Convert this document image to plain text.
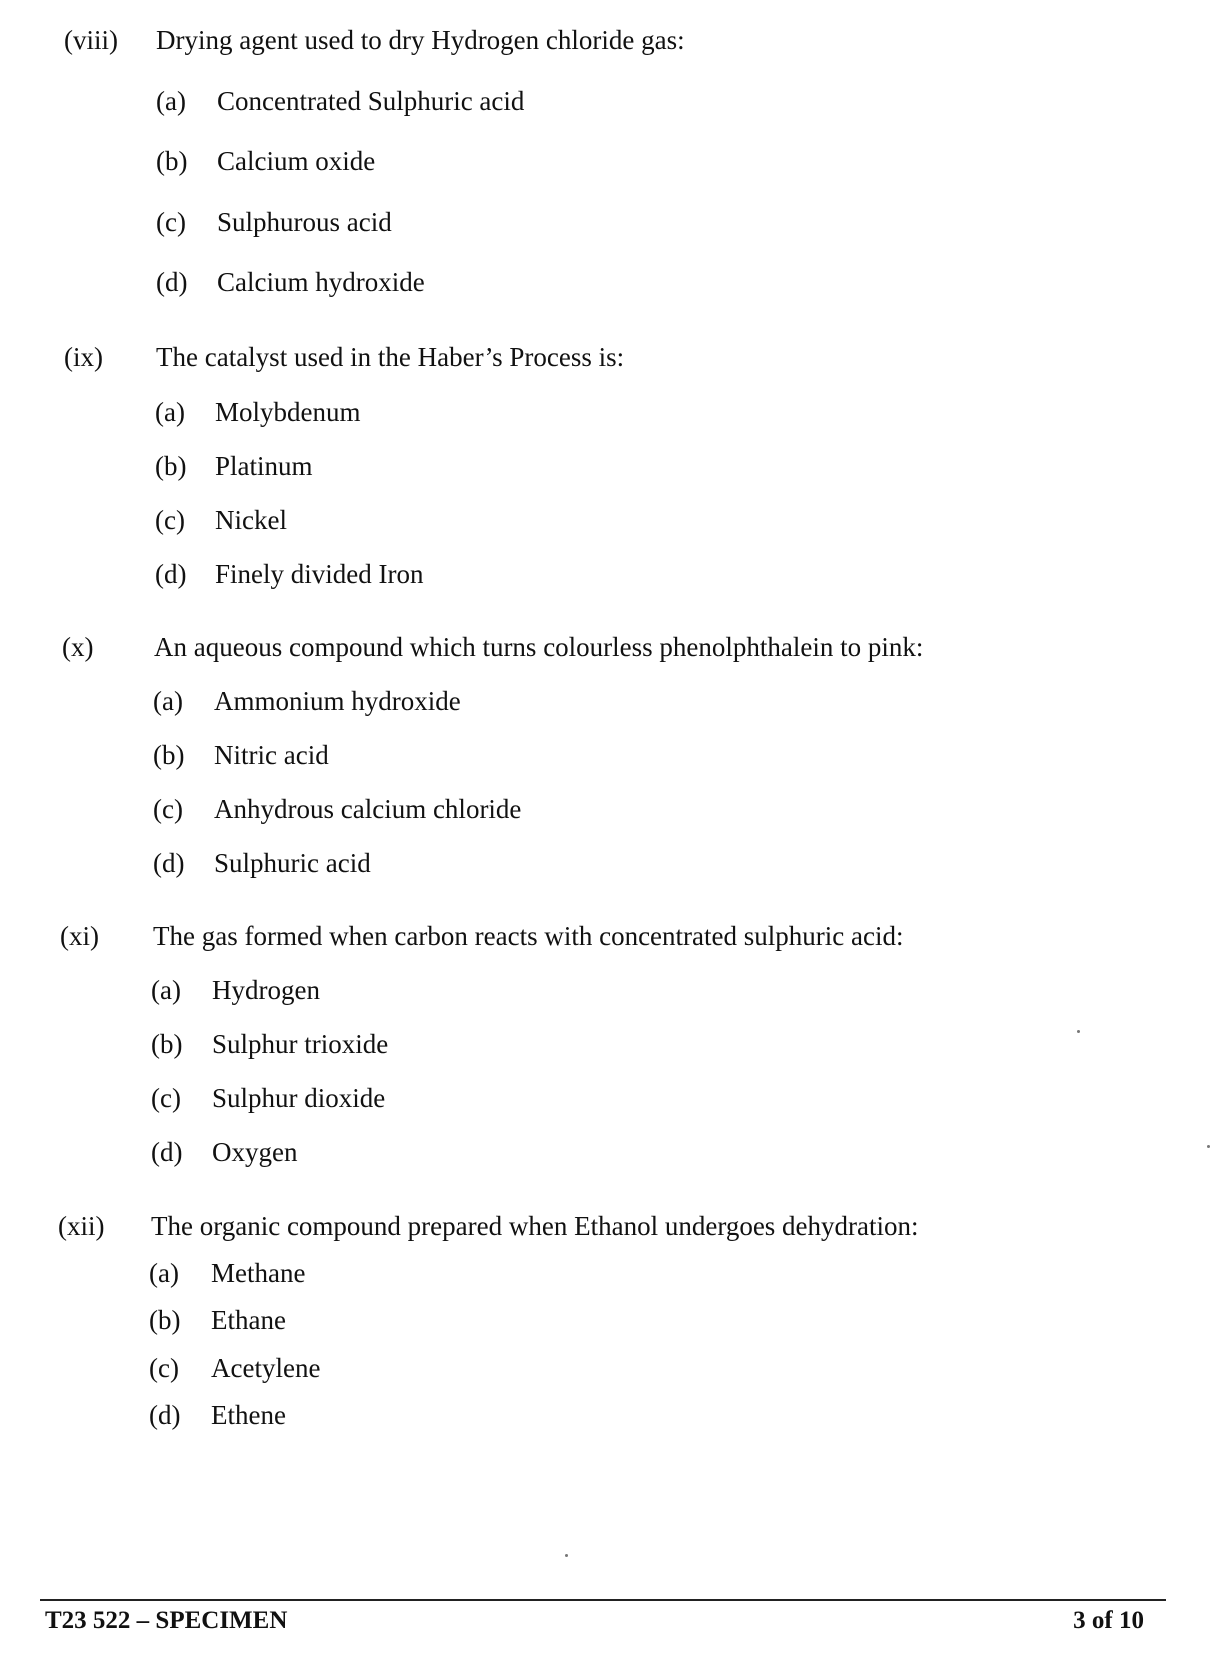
(viii) Drying agent used to dry Hydrogen chloride gas:
(a) Concentrated Sulphuric acid
(b) Calcium oxide
(c) Sulphurous acid
(d) Calcium hydroxide
(ix) The catalyst used in the Haber’s Process is:
(a) Molybdenum
(b) Platinum
(c) Nickel
(d) Finely divided Iron
(x) An aqueous compound which turns colourless phenolphthalein to pink:
(a) Ammonium hydroxide
(b) Nitric acid
(c) Anhydrous calcium chloride
(d) Sulphuric acid
(xi) The gas formed when carbon reacts with concentrated sulphuric acid:
(a) Hydrogen
(b) Sulphur trioxide
(c) Sulphur dioxide
(d) Oxygen
(xii) The organic compound prepared when Ethanol undergoes dehydration:
(a) Methane
(b) Ethane
(c) Acetylene
(d) Ethene
T23 522 – SPECIMEN	3 of 10
